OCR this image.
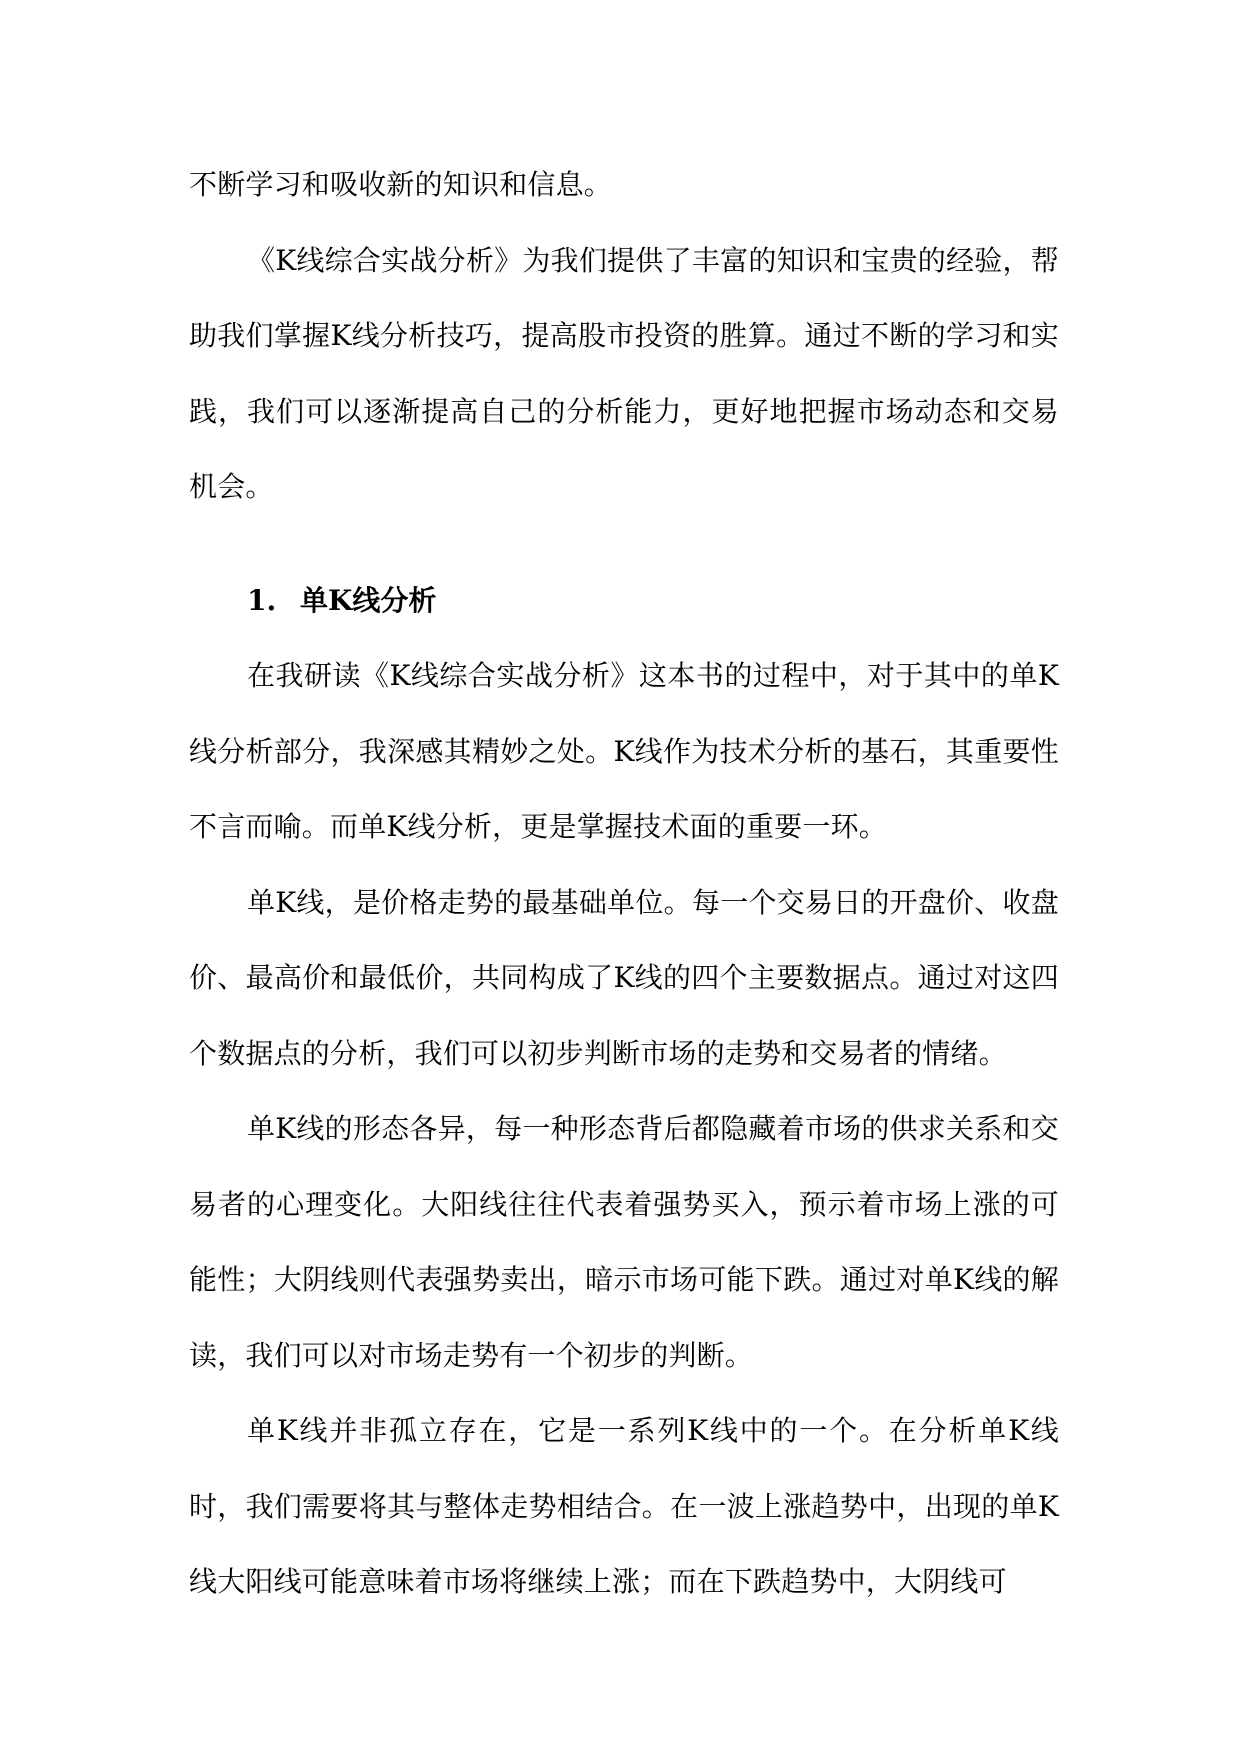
不断学习和吸收新的知识和信息。

《K线综合实战分析》为我们提供了丰富的知识和宝贵的经验，帮助我们掌握K线分析技巧，提高股市投资的胜算。通过不断的学习和实践，我们可以逐渐提高自己的分析能力，更好地把握市场动态和交易机会。

1. 单K线分析

在我研读《K线综合实战分析》这本书的过程中，对于其中的单K线分析部分，我深感其精妙之处。K线作为技术分析的基石，其重要性不言而喻。而单K线分析，更是掌握技术面的重要一环。

单K线，是价格走势的最基础单位。每一个交易日的开盘价、收盘价、最高价和最低价，共同构成了K线的四个主要数据点。通过对这四个数据点的分析，我们可以初步判断市场的走势和交易者的情绪。

单K线的形态各异，每一种形态背后都隐藏着市场的供求关系和交易者的心理变化。大阳线往往代表着强势买入，预示着市场上涨的可能性；大阴线则代表强势卖出，暗示市场可能下跌。通过对单K线的解读，我们可以对市场走势有一个初步的判断。

单K线并非孤立存在，它是一系列K线中的一个。在分析单K线时，我们需要将其与整体走势相结合。在一波上涨趋势中，出现的单K线大阳线可能意味着市场将继续上涨；而在下跌趋势中，大阴线可
